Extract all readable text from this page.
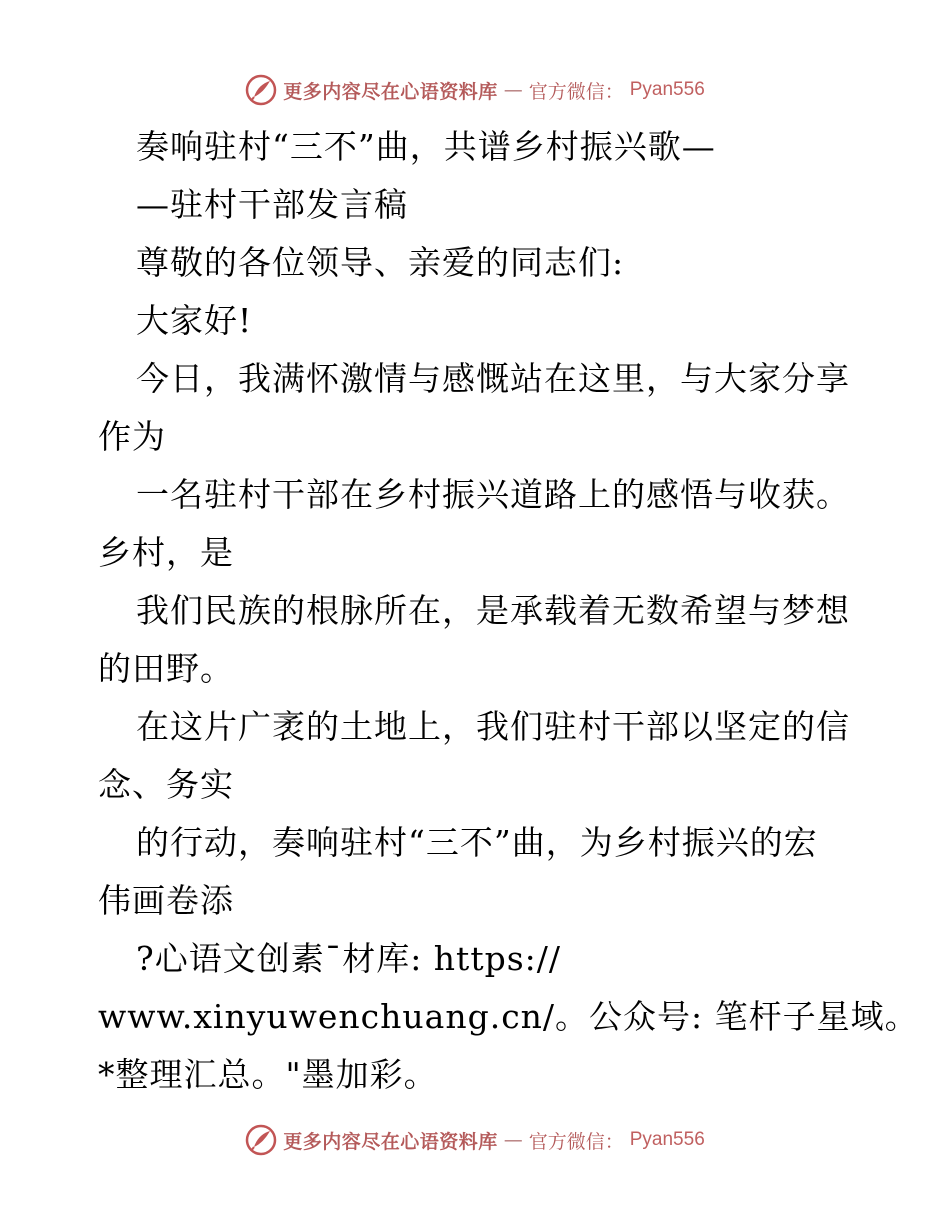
更多内容尽在心语资料库 — 官方微信： Pyan556
奏响驻村“三不”曲，共谱乡村振兴歌—
—驻村干部发言稿
尊敬的各位领导、亲爱的同志们:
大家好!
今日，我满怀激情与感慨站在这里，与大家分享
作为
一名驻村干部在乡村振兴道路上的感悟与收获。
乡村，是
我们民族的根脉所在，是承载着无数希望与梦想
的田野。
在这片广袤的土地上，我们驻村干部以坚定的信
念、务实
的行动，奏响驻村“三不”曲，为乡村振兴的宏
伟画卷添
?心语文创素¯材库: https://
www.xinyuwenchuang.cn/。公众号: 笔杆子星域。
*整理汇总。"墨加彩。
更多内容尽在心语资料库 — 官方微信： Pyan556
